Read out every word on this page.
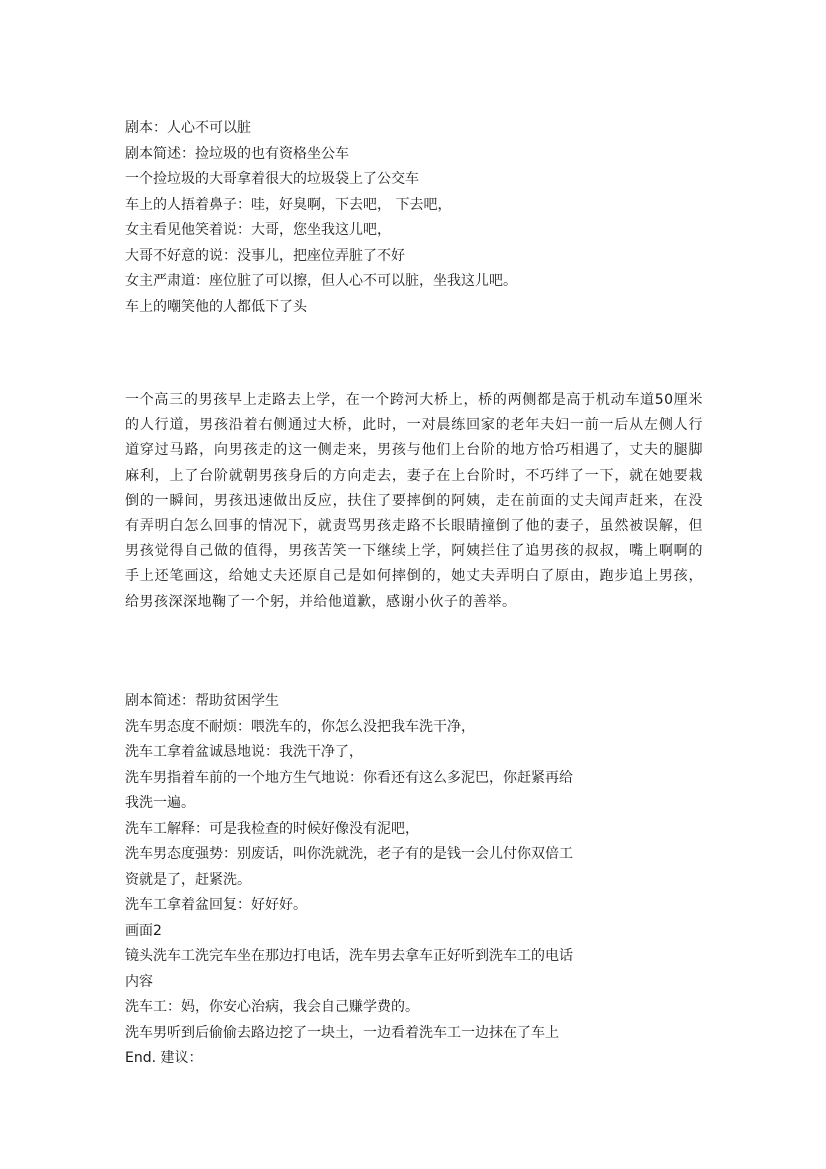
剧本：人心不可以脏
剧本简述：捡垃圾的也有资格坐公车
一个捡垃圾的大哥拿着很大的垃圾袋上了公交车
车上的人捂着鼻子：哇，好臭啊，下去吧， 下去吧，
女主看见他笑着说：大哥，您坐我这儿吧，
大哥不好意的说：没事儿，把座位弄脏了不好
女主严肃道：座位脏了可以擦，但人心不可以脏，坐我这儿吧。
车上的嘲笑他的人都低下了头
一个高三的男孩早上走路去上学，在一个跨河大桥上，桥的两侧都是高于机动车道50厘米的人行道，男孩沿着右侧通过大桥，此时，一对晨练回家的老年夫妇一前一后从左侧人行道穿过马路，向男孩走的这一侧走来，男孩与他们上台阶的地方恰巧相遇了，丈夫的腿脚麻利，上了台阶就朝男孩身后的方向走去，妻子在上台阶时，不巧绊了一下，就在她要栽倒的一瞬间，男孩迅速做出反应，扶住了要摔倒的阿姨，走在前面的丈夫闻声赶来，在没有弄明白怎么回事的情况下，就责骂男孩走路不长眼睛撞倒了他的妻子，虽然被误解，但男孩觉得自己做的值得，男孩苦笑一下继续上学，阿姨拦住了追男孩的叔叔，嘴上啊啊的手上还笔画这，给她丈夫还原自己是如何摔倒的，她丈夫弄明白了原由，跑步追上男孩，给男孩深深地鞠了一个躬，并给他道歉，感谢小伙子的善举。
剧本简述：帮助贫困学生
洗车男态度不耐烦：喂洗车的，你怎么没把我车洗干净，
洗车工拿着盆诚恳地说：我洗干净了，
洗车男指着车前的一个地方生气地说：你看还有这么多泥巴，你赶紧再给
我洗一遍。
洗车工解释：可是我检查的时候好像没有泥吧，
洗车男态度强势：别废话，叫你洗就洗，老子有的是钱一会儿付你双倍工
资就是了，赶紧洗。
洗车工拿着盆回复：好好好。
画面2
镜头洗车工洗完车坐在那边打电话，洗车男去拿车正好听到洗车工的电话
内容
洗车工：妈，你安心治病，我会自己赚学费的。
洗车男听到后偷偷去路边挖了一块土，一边看着洗车工一边抹在了车上
End. 建议：
